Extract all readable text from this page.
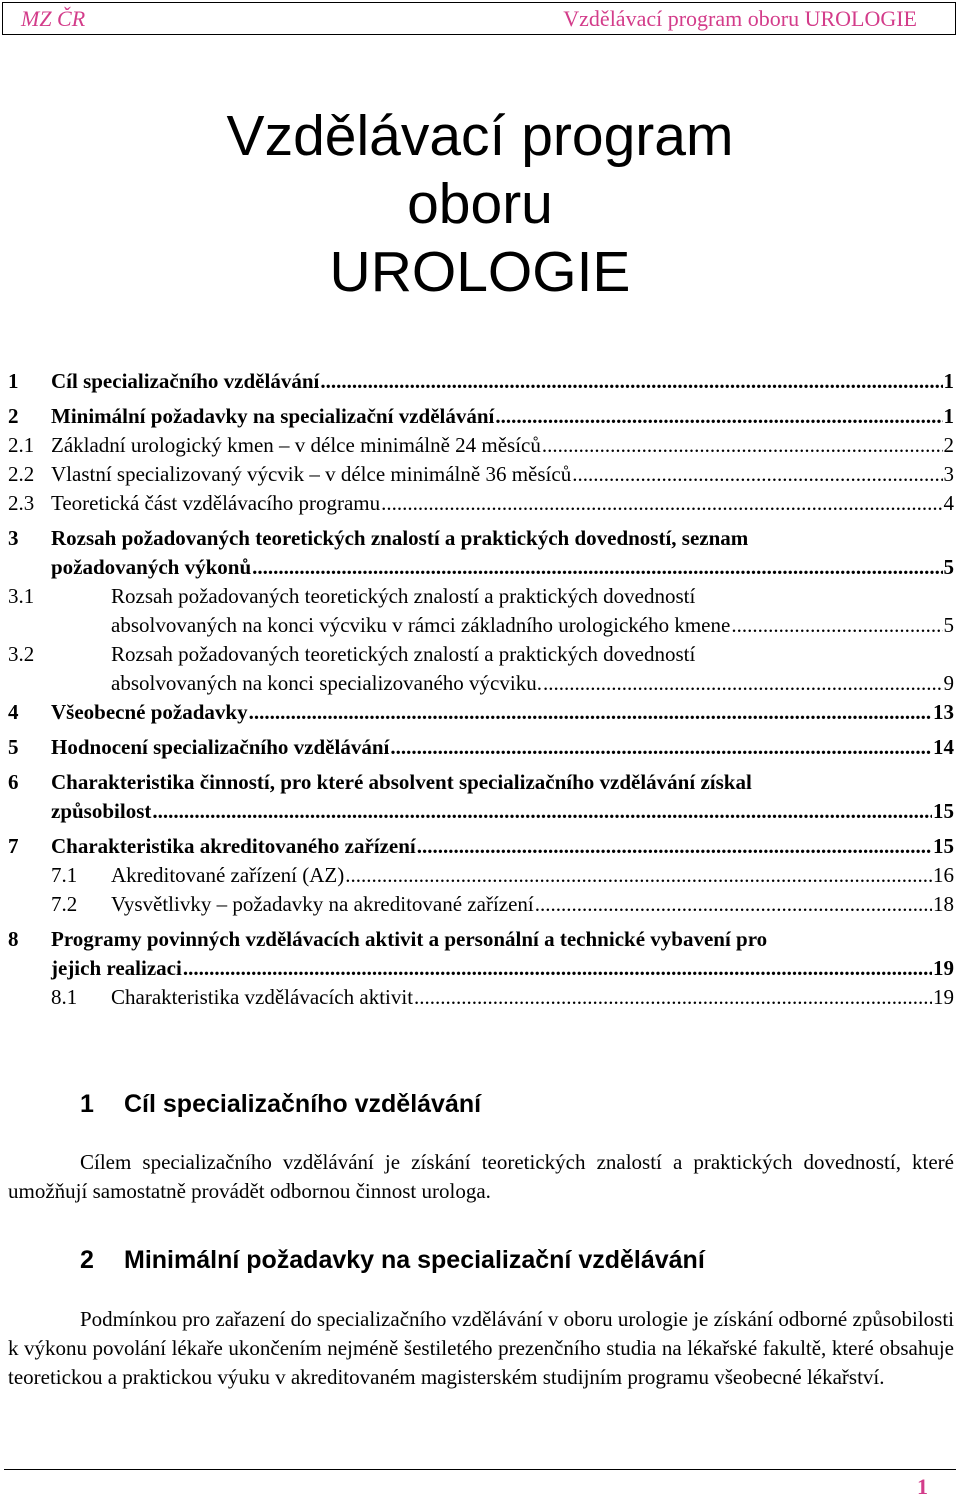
MZ ČR	Vzdělávací program oboru UROLOGIE
Vzdělávací program
oboru
UROLOGIE
1	Cíl specializačního vzdělávání .....	1
2	Minimální požadavky na specializační vzdělávání .....	1
2.1 Základní urologický kmen – v délce minimálně 24 měsíců .....	2
2.2 Vlastní specializovaný výcvik – v délce minimálně 36 měsíců .....	3
2.3 Teoretická část vzdělávacího programu .....	4
3	Rozsah požadovaných teoretických znalostí a praktických dovedností, seznam
požadovaných výkonů .....	5
3.1	Rozsah požadovaných teoretických znalostí a praktických dovedností
absolvovaných na konci výcviku v rámci základního urologického kmene .....	5
3.2	Rozsah požadovaných teoretických znalostí a praktických dovedností
absolvovaných na konci specializovaného výcviku. .....	9
4	Všeobecné požadavky .....	13
5	Hodnocení specializačního vzdělávání .....	14
6	Charakteristika činností, pro které absolvent specializačního vzdělávání získal
způsobilost .....	15
7	Charakteristika akreditovaného zařízení .....	15
7.1	Akreditované zařízení (AZ) .....	16
7.2	Vysvětlivky – požadavky na akreditované zařízení .....	18
8	Programy povinných vzdělávacích aktivit a personální a technické vybavení pro
jejich realizaci .....	19
8.1	Charakteristika vzdělávacích aktivit .....	19
1 Cíl specializačního vzdělávání
Cílem specializačního vzdělávání je získání teoretických znalostí a praktických dovedností, které umožňují samostatně provádět odbornou činnost urologa.
2 Minimální požadavky na specializační vzdělávání
Podmínkou pro zařazení do specializačního vzdělávání v oboru urologie je získání odborné způsobilosti k výkonu povolání lékaře ukončením nejméně šestiletého prezenčního studia na lékařské fakultě, které obsahuje teoretickou a praktickou výuku v akreditovaném magisterském studijním programu všeobecné lékařství.
1
